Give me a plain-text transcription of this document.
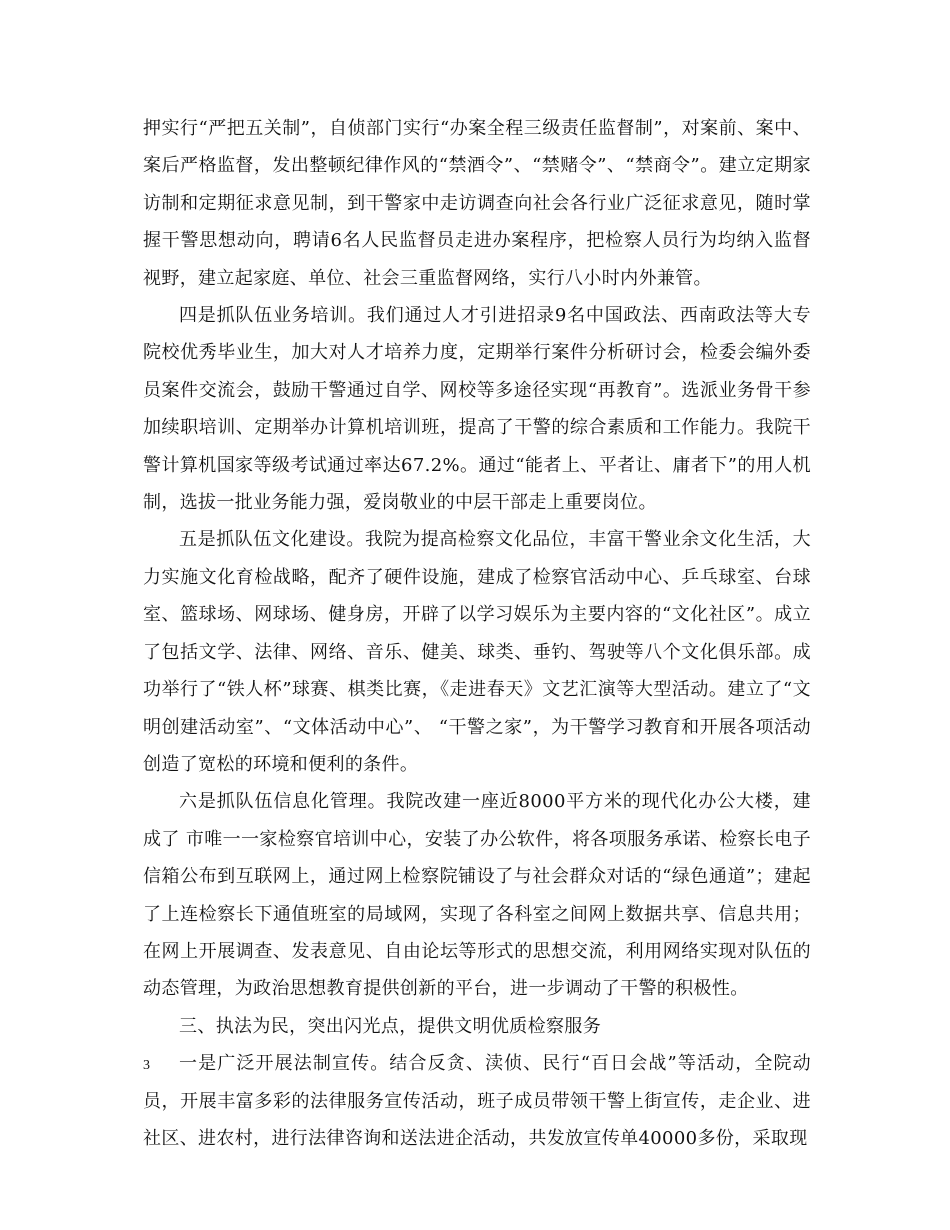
押实行“严把五关制”，自侦部门实行“办案全程三级责任监督制”，对案前、案中、案后严格监督，发出整顿纪律作风的“禁酒令”、“禁赌令”、“禁商令”。建立定期家访制和定期征求意见制，到干警家中走访调查向社会各行业广泛征求意见，随时掌握干警思想动向，聘请6名人民监督员走进办案程序，把检察人员行为均纳入监督视野，建立起家庭、单位、社会三重监督网络，实行八小时内外兼管。

四是抓队伍业务培训。我们通过人才引进招录9名中国政法、西南政法等大专院校优秀毕业生，加大对人才培养力度，定期举行案件分析研讨会，检委会编外委员案件交流会，鼓励干警通过自学、网校等多途径实现“再教育”。选派业务骨干参加续职培训、定期举办计算机培训班，提高了干警的综合素质和工作能力。我院干警计算机国家等级考试通过率达67.2%。通过“能者上、平者让、庸者下”的用人机制，选拔一批业务能力强，爱岗敬业的中层干部走上重要岗位。

五是抓队伍文化建设。我院为提高检察文化品位，丰富干警业余文化生活，大力实施文化育检战略，配齐了硬件设施，建成了检察官活动中心、乒乓球室、台球室、篮球场、网球场、健身房，开辟了以学习娱乐为主要内容的“文化社区”。成立了包括文学、法律、网络、音乐、健美、球类、垂钓、驾驶等八个文化俱乐部。成功举行了“铁人杯”球赛、棋类比赛，《走进春天》文艺汇演等大型活动。建立了“文明创建活动室”、“文体活动中心”、 “干警之家”，为干警学习教育和开展各项活动创造了宽松的环境和便利的条件。

六是抓队伍信息化管理。我院改建一座近8000平方米的现代化办公大楼，建成了 市唯一一家检察官培训中心，安装了办公软件，将各项服务承诺、检察长电子信箱公布到互联网上，通过网上检察院铺设了与社会群众对话的“绿色通道”；建起了上连检察长下通值班室的局域网，实现了各科室之间网上数据共享、信息共用；在网上开展调查、发表意见、自由论坛等形式的思想交流，利用网络实现对队伍的动态管理，为政治思想教育提供创新的平台，进一步调动了干警的积极性。

三、执法为民，突出闪光点，提供文明优质检察服务

一是广泛开展法制宣传。结合反贪、渎侦、民行“百日会战”等活动，全院动员，开展丰富多彩的法律服务宣传活动，班子成员带领干警上街宣传，走企业、进社区、进农村，进行法律咨询和送法进企活动，共发放宣传单40000多份，采取现

3
